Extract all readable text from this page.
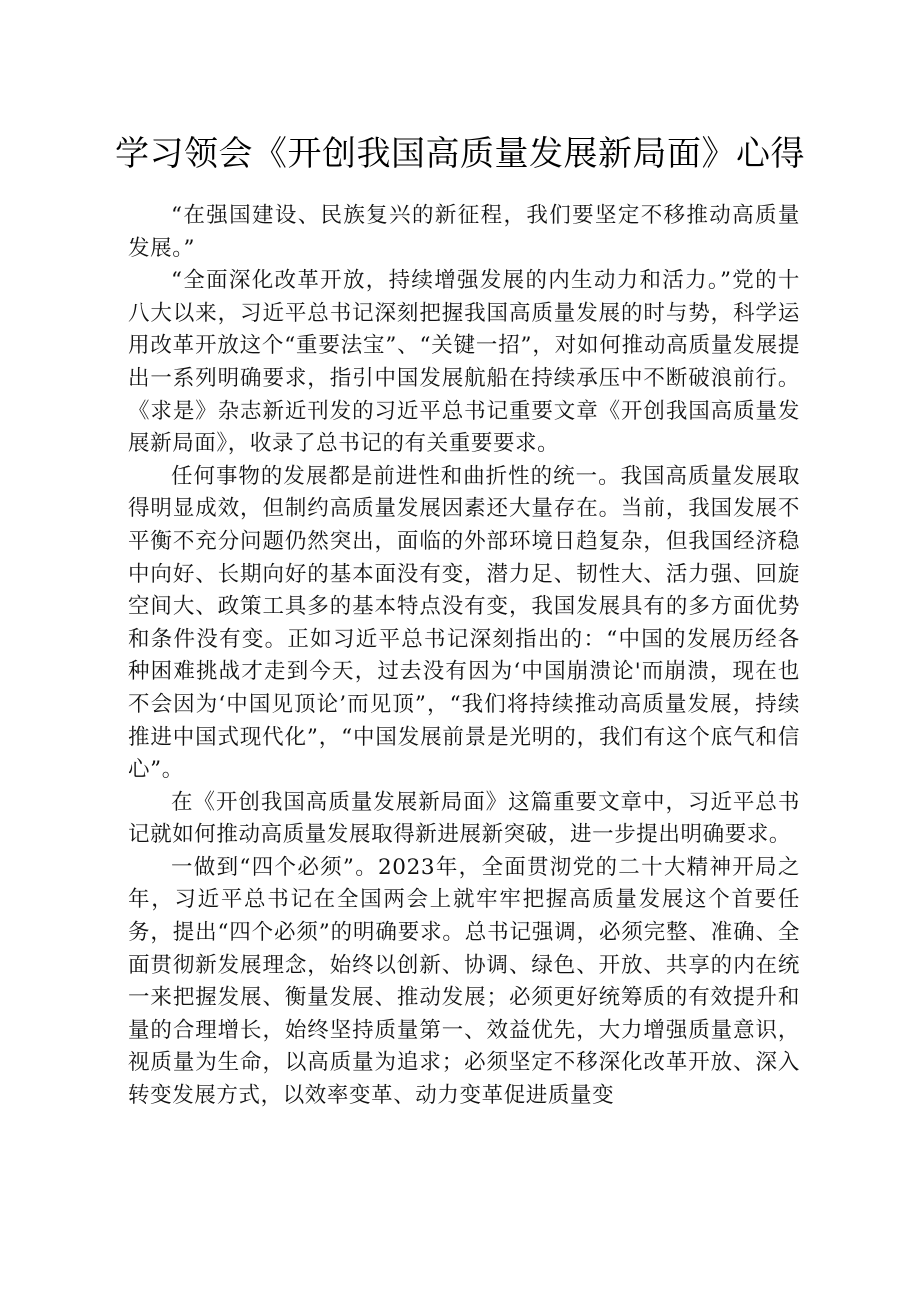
学习领会《开创我国高质量发展新局面》心得

“在强国建设、民族复兴的新征程，我们要坚定不移推动高质量发展。”

“全面深化改革开放，持续增强发展的内生动力和活力。”党的十八大以来，习近平总书记深刻把握我国高质量发展的时与势，科学运用改革开放这个“重要法宝”、“关键一招”，对如何推动高质量发展提出一系列明确要求，指引中国发展航船在持续承压中不断破浪前行。《求是》杂志新近刊发的习近平总书记重要文章《开创我国高质量发展新局面》，收录了总书记的有关重要要求。

任何事物的发展都是前进性和曲折性的统一。我国高质量发展取得明显成效，但制约高质量发展因素还大量存在。当前，我国发展不平衡不充分问题仍然突出，面临的外部环境日趋复杂，但我国经济稳中向好、长期向好的基本面没有变，潜力足、韧性大、活力强、回旋空间大、政策工具多的基本特点没有变，我国发展具有的多方面优势和条件没有变。正如习近平总书记深刻指出的：“中国的发展历经各种困难挑战才走到今天，过去没有因为‘中国崩溃论'而崩溃，现在也不会因为‘中国见顶论’而见顶”，“我们将持续推动高质量发展，持续推进中国式现代化”，“中国发展前景是光明的，我们有这个底气和信心”。

在《开创我国高质量发展新局面》这篇重要文章中，习近平总书记就如何推动高质量发展取得新进展新突破，进一步提出明确要求。

一做到“四个必须”。2023年，全面贯沏党的二十大精神开局之年，习近平总书记在全国两会上就牢牢把握高质量发展这个首要任务，提出“四个必须”的明确要求。总书记强调，必须完整、准确、全面贯彻新发展理念，始终以创新、协调、绿色、开放、共享的内在统一来把握发展、衡量发展、推动发展；必须更好统筹质的有效提升和量的合理增长，始终坚持质量第一、效益优先，大力增强质量意识，视质量为生命，以高质量为追求；必须坚定不移深化改革开放、深入转变发展方式，以效率变革、动力变革促进质量变
